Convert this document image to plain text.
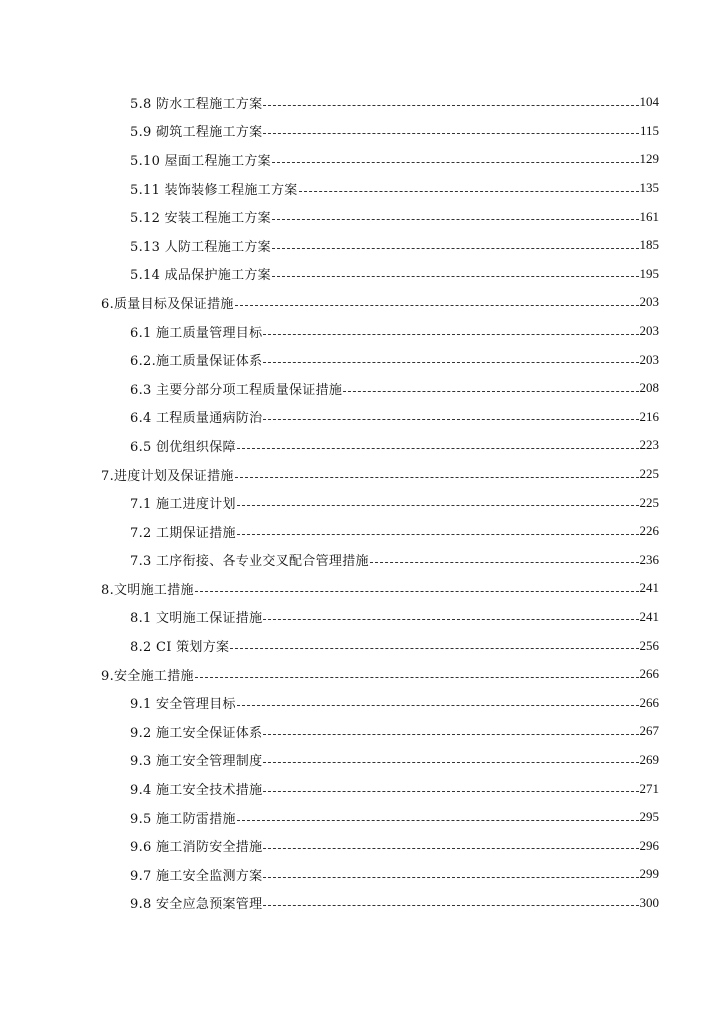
5.8 防水工程施工方案	104
5.9 砌筑工程施工方案	115
5.10 屋面工程施工方案	129
5.11 装饰装修工程施工方案	135
5.12 安装工程施工方案	161
5.13 人防工程施工方案	185
5.14 成品保护施工方案	195
6.质量目标及保证措施	203
6.1 施工质量管理目标	203
6.2.施工质量保证体系	203
6.3 主要分部分项工程质量保证措施	208
6.4 工程质量通病防治	216
6.5 创优组织保障	223
7.进度计划及保证措施	225
7.1 施工进度计划	225
7.2 工期保证措施	226
7.3 工序衔接、各专业交叉配合管理措施	236
8.文明施工措施	241
8.1 文明施工保证措施	241
8.2 CI 策划方案	256
9.安全施工措施	266
9.1 安全管理目标	266
9.2 施工安全保证体系	267
9.3 施工安全管理制度	269
9.4 施工安全技术措施	271
9.5 施工防雷措施	295
9.6 施工消防安全措施	296
9.7 施工安全监测方案	299
9.8 安全应急预案管理	300
